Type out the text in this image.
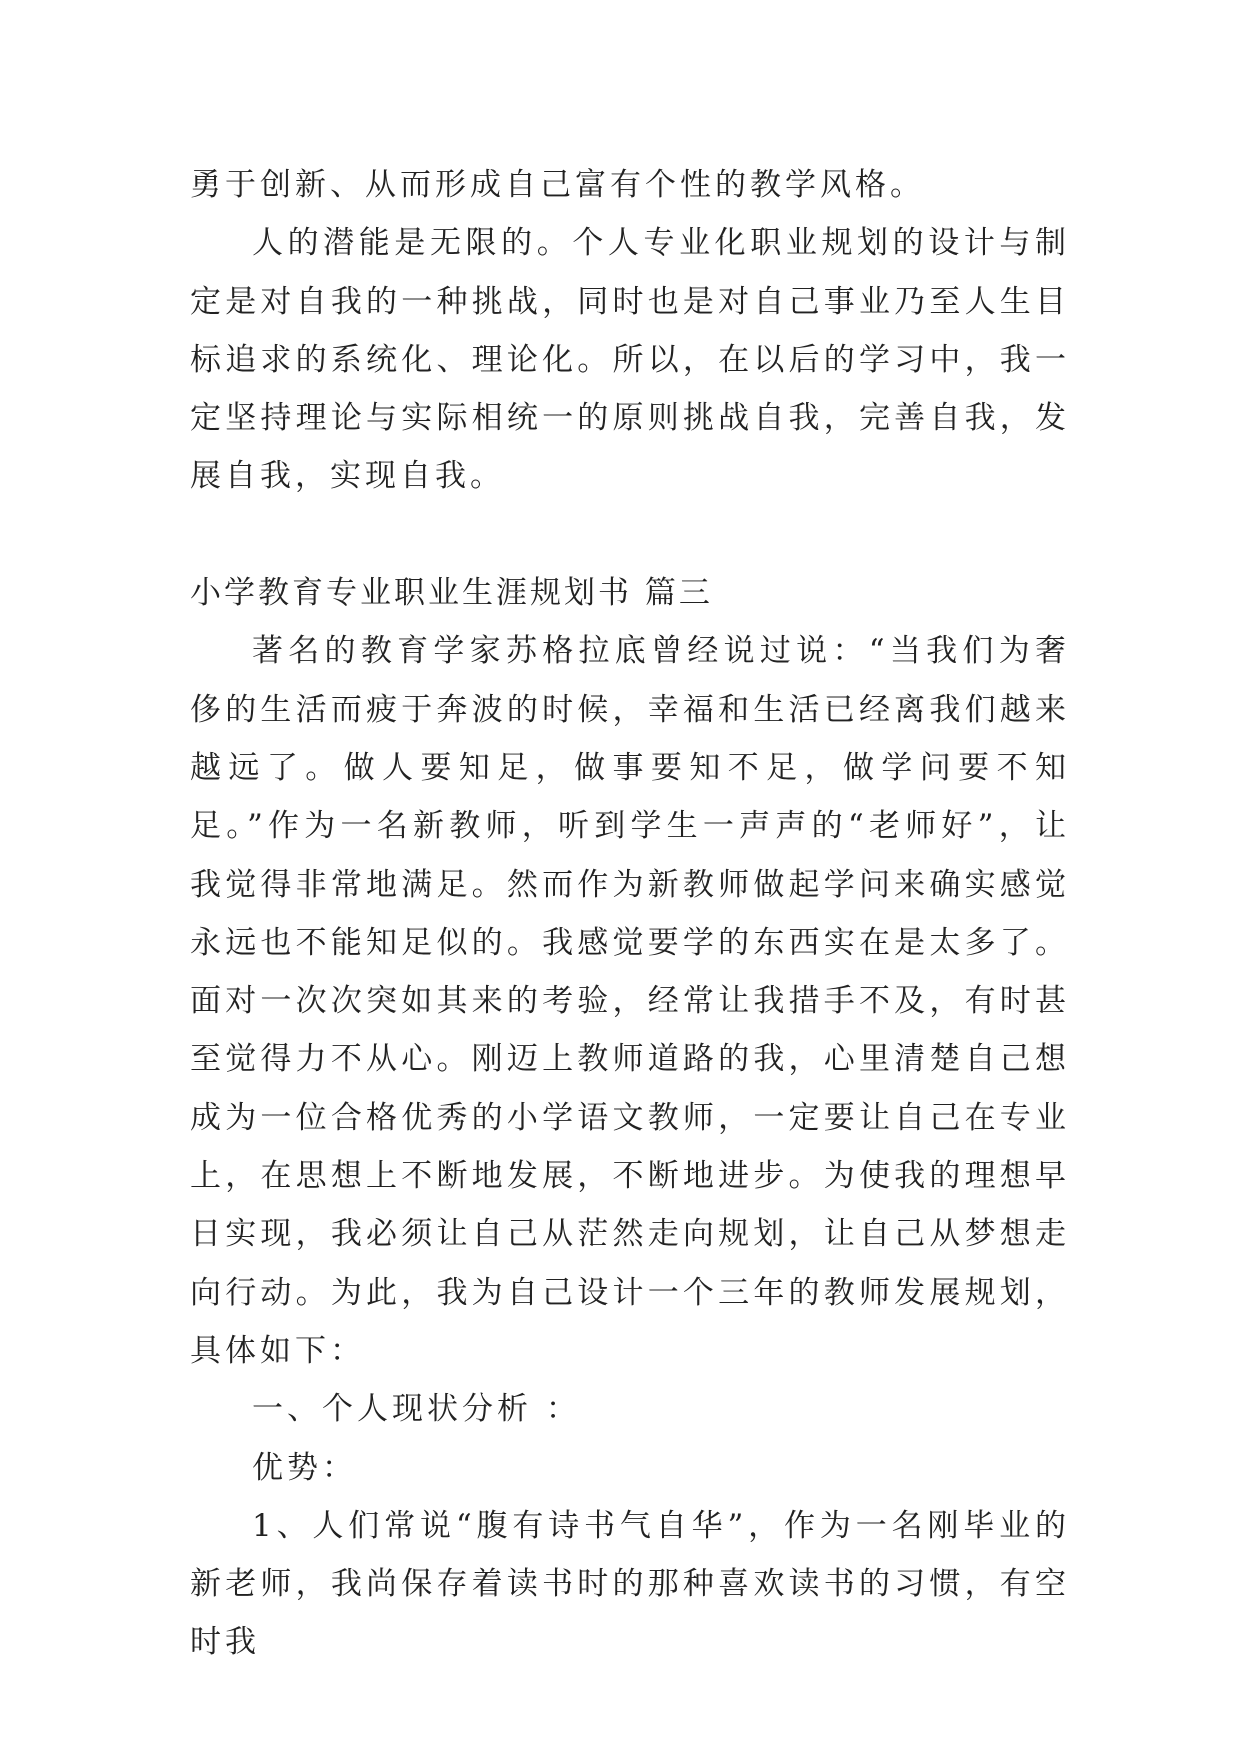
勇于创新、从而形成自己富有个性的教学风格。

人的潜能是无限的。个人专业化职业规划的设计与制定是对自我的一种挑战，同时也是对自己事业乃至人生目标追求的系统化、理论化。所以，在以后的学习中，我一定坚持理论与实际相统一的原则挑战自我，完善自我，发展自我，实现自我。

小学教育专业职业生涯规划书 篇三

著名的教育学家苏格拉底曾经说过说：“当我们为奢侈的生活而疲于奔波的时候，幸福和生活已经离我们越来越远了。做人要知足，做事要知不足，做学问要不知足。”作为一名新教师，听到学生一声声的“老师好”，让我觉得非常地满足。然而作为新教师做起学问来确实感觉永远也不能知足似的。我感觉要学的东西实在是太多了。面对一次次突如其来的考验，经常让我措手不及，有时甚至觉得力不从心。刚迈上教师道路的我，心里清楚自己想成为一位合格优秀的小学语文教师，一定要让自己在专业上，在思想上不断地发展，不断地进步。为使我的理想早日实现，我必须让自己从茫然走向规划，让自己从梦想走向行动。为此，我为自己设计一个三年的教师发展规划，具体如下：

一、个人现状分析 ：

优势：

1、人们常说“腹有诗书气自华”，作为一名刚毕业的新老师，我尚保存着读书时的那种喜欢读书的习惯，有空时我
